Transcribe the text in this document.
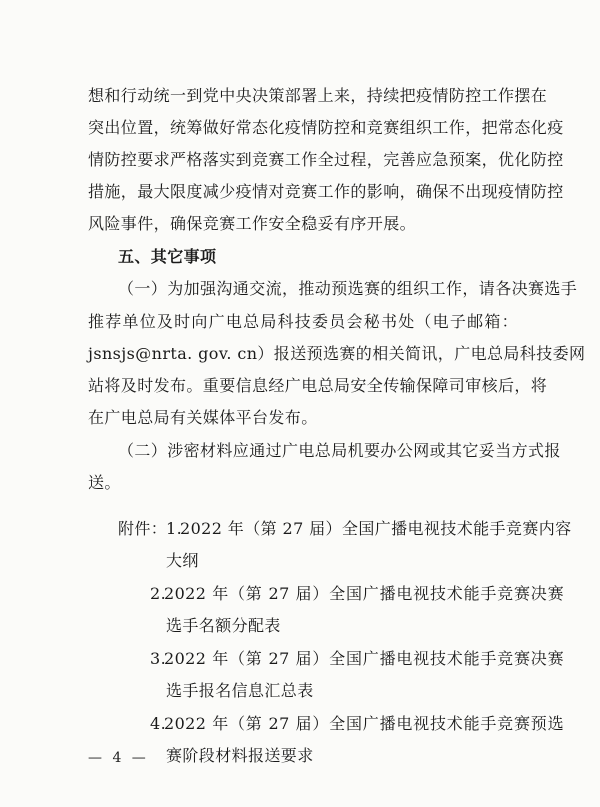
想和行动统一到党中央决策部署上来，持续把疫情防控工作摆在
突出位置，统筹做好常态化疫情防控和竞赛组织工作，把常态化疫
情防控要求严格落实到竞赛工作全过程，完善应急预案，优化防控
措施，最大限度减少疫情对竞赛工作的影响，确保不出现疫情防控
风险事件，确保竞赛工作安全稳妥有序开展。
五、其它事项
（一）为加强沟通交流，推动预选赛的组织工作，请各决赛选手
推荐单位及时向广电总局科技委员会秘书处（电子邮箱：
jsnsjs@nrta. gov. cn）报送预选赛的相关简讯，广电总局科技委网
站将及时发布。重要信息经广电总局安全传输保障司审核后，将
在广电总局有关媒体平台发布。
（二）涉密材料应通过广电总局机要办公网或其它妥当方式报
送。
附件：
1.
2022 年（第 27 届）全国广播电视技术能手竞赛内容
大纲
2.
2022 年（第 27 届）全国广播电视技术能手竞赛决赛
选手名额分配表
3.
2022 年（第 27 届）全国广播电视技术能手竞赛决赛
选手报名信息汇总表
4.
2022 年（第 27 届）全国广播电视技术能手竞赛预选
赛阶段材料报送要求
— 4 —
